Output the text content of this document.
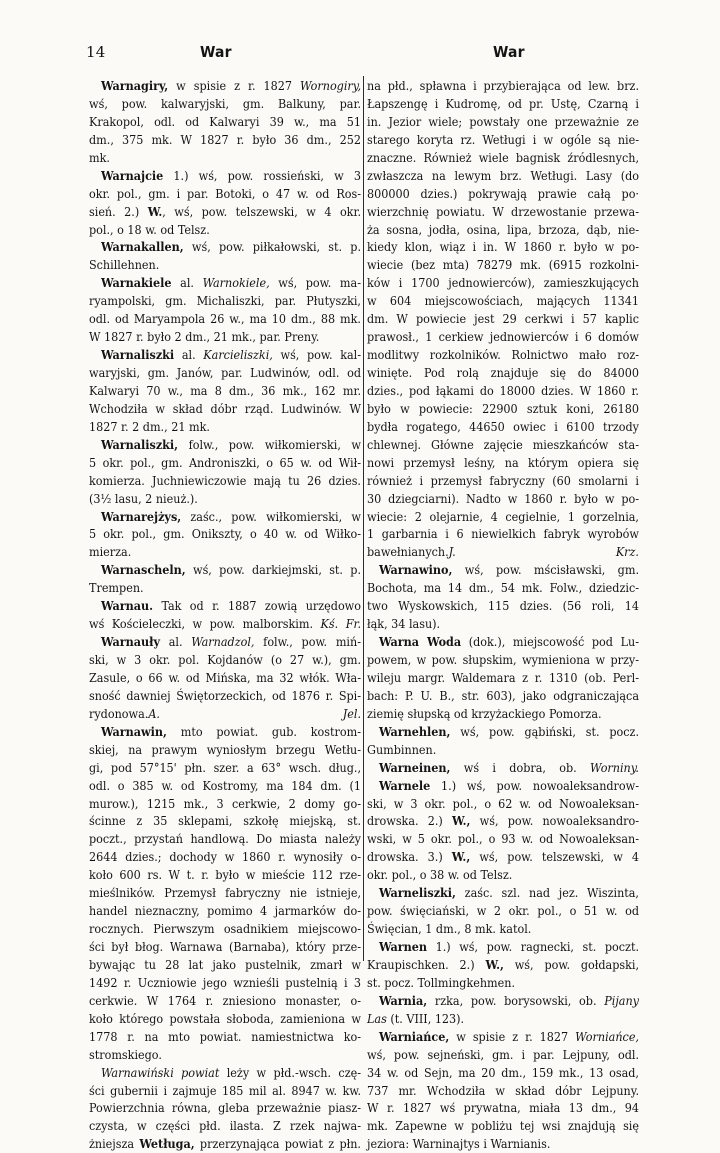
14	War	War
Warnagiry, w spisie z r. 1827 Wornogiry,
wś, pow. kalwaryjski, gm. Balkuny, par.
Krakopol, odl. od Kalwaryi 39 w., ma 51
dm., 375 mk. W 1827 r. było 36 dm., 252
mk.
Warnajcie 1.) wś, pow. rossieński, w 3
okr. pol., gm. i par. Botoki, o 47 w. od Ros-
sień. 2.) W., wś, pow. telszewski, w 4 okr.
pol., o 18 w. od Telsz.
Warnakallen, wś, pow. piłkałowski, st. p.
Schillehnen.
Warnakiele al. Warnokiele, wś, pow. ma-
ryampolski, gm. Michaliszki, par. Płutyszki,
odl. od Maryampola 26 w., ma 10 dm., 88 mk.
W 1827 r. było 2 dm., 21 mk., par. Preny.
Warnaliszki al. Karcieliszki, wś, pow. kal-
waryjski, gm. Janów, par. Ludwinów, odl. od
Kalwaryi 70 w., ma 8 dm., 36 mk., 162 mr.
Wchodziła w skład dóbr rząd. Ludwinów. W
1827 r. 2 dm., 21 mk.
Warnaliszki, folw., pow. wiłkomierski, w
5 okr. pol., gm. Androniszki, o 65 w. od Wił-
komierza. Juchniewiczowie mają tu 26 dzies.
(3½ lasu, 2 nieuż.).
Warnarejżys, zaśc., pow. wiłkomierski, w
5 okr. pol., gm. Onikszty, o 40 w. od Wiłko-
mierza.
Warnascheln, wś, pow. darkiejmski, st. p.
Trempen.
Warnau. Tak od r. 1887 zowią urzędowo
wś Kościeleczki, w pow. malborskim. Kś. Fr.
Warnauły al. Warnadzol, folw., pow. miń-
ski, w 3 okr. pol. Kojdanów (o 27 w.), gm.
Zasule, o 66 w. od Mińska, ma 32 włók. Wła-
sność dawniej Świętorzeckich, od 1876 r. Spi-
rydonowa.A. Jel.
Warnawin, mto powiat. gub. kostrom-
skiej, na prawym wyniosłym brzegu Wetłu-
gi, pod 57°15' płn. szer. a 63° wsch. dług.,
odl. o 385 w. od Kostromy, ma 184 dm. (1
murow.), 1215 mk., 3 cerkwie, 2 domy go-
ścinne z 35 sklepami, szkołę miejską, st.
poczt., przystań handlową. Do miasta należy
2644 dzies.; dochody w 1860 r. wynosiły o-
koło 600 rs. W t. r. było w mieście 112 rze-
mieślników. Przemysł fabryczny nie istnieje,
handel nieznaczny, pomimo 4 jarmarków do-
rocznych. Pierwszym osadnikiem miejscowo-
ści był błog. Warnawa (Barnaba), który prze-
bywając tu 28 lat jako pustelnik, zmarł w
1492 r. Uczniowie jego wznieśli pustelnią i 3
cerkwie. W 1764 r. zniesiono monaster, o-
koło którego powstała słoboda, zamieniona w
1778 r. na mto powiat. namiestnictwa ko-
stromskiego.
Warnawiński powiat leży w płd.-wsch. czę-
ści gubernii i zajmuje 185 mil al. 8947 w. kw.
Powierzchnia równa, gleba przeważnie piasz-
czysta, w części płd. ilasta. Z rzek najwa-
żniejsza Wetługa, przerzynająca powiat z płn.
na płd., spławna i przybierająca od lew. brz.
Łapszengę i Kudromę, od pr. Ustę, Czarną i
in. Jezior wiele; powstały one przeważnie ze
starego koryta rz. Wetługi i w ogóle są nie-
znaczne. Również wiele bagnisk źródlesnych,
zwłaszcza na lewym brz. Wetługi. Lasy (do
800000 dzies.) pokrywają prawie całą po·
wierzchnię powiatu. W drzewostanie przewa-
ża sosna, jodła, osina, lipa, brzoza, dąb, nie-
kiedy klon, wiąz i in. W 1860 r. było w po-
wiecie (bez mta) 78279 mk. (6915 rozkolni-
ków i 1700 jednowierców), zamieszkujących
w 604 miejscowościach, mających 11341
dm. W powiecie jest 29 cerkwi i 57 kaplic
prawosł., 1 cerkiew jednowierców i 6 domów
modlitwy rozkolników. Rolnictwo mało roz-
winięte. Pod rolą znajduje się do 84000
dzies., pod łąkami do 18000 dzies. W 1860 r.
było w powiecie: 22900 sztuk koni, 26180
bydła rogatego, 44650 owiec i 6100 trzody
chlewnej. Główne zajęcie mieszkańców sta-
nowi przemysł leśny, na którym opiera się
również i przemysł fabryczny (60 smolarni i
30 dziegciarni). Nadto w 1860 r. było w po-
wiecie: 2 olejarnie, 4 cegielnie, 1 gorzelnia,
1 garbarnia i 6 niewielkich fabryk wyrobów
bawełnianych.J. Krz.
Warnawino, wś, pow. mścisławski, gm.
Bochota, ma 14 dm., 54 mk. Folw., dziedzic-
two Wyskowskich, 115 dzies. (56 roli, 14
łąk, 34 lasu).
Warna Woda (dok.), miejscowość pod Lu-
powem, w pow. słupskim, wymieniona w przy-
wileju margr. Waldemara z r. 1310 (ob. Perl-
bach: P. U. B., str. 603), jako odgraniczająca
ziemię słupską od krzyżackiego Pomorza.
Warnehlen, wś, pow. gąbiński, st. pocz.
Gumbinnen.
Warneinen, wś i dobra, ob. Worniny.
Warnele 1.) wś, pow. nowoaleksandrow-
ski, w 3 okr. pol., o 62 w. od Nowoaleksan-
drowska. 2.) W., wś, pow. nowoaleksandro-
wski, w 5 okr. pol., o 93 w. od Nowoaleksan-
drowska. 3.) W., wś, pow. telszewski, w 4
okr. pol., o 38 w. od Telsz.
Warneliszki, zaśc. szl. nad jez. Wiszinta,
pow. święciański, w 2 okr. pol., o 51 w. od
Święcian, 1 dm., 8 mk. katol.
Warnen 1.) wś, pow. ragnecki, st. poczt.
Kraupischken. 2.) W., wś, pow. gołdapski,
st. pocz. Tollmingkehmen.
Warnia, rzka, pow. borysowski, ob. Pijany
Las (t. VIII, 123).
Warniańce, w spisie z r. 1827 Worniańce,
wś, pow. sejneński, gm. i par. Lejpuny, odl.
34 w. od Sejn, ma 20 dm., 159 mk., 13 osad,
737 mr. Wchodziła w skład dóbr Lejpuny.
W r. 1827 wś prywatna, miała 13 dm., 94
mk. Zapewne w pobliżu tej wsi znajdują się
jeziora: Warninajtys i Warnianis.
